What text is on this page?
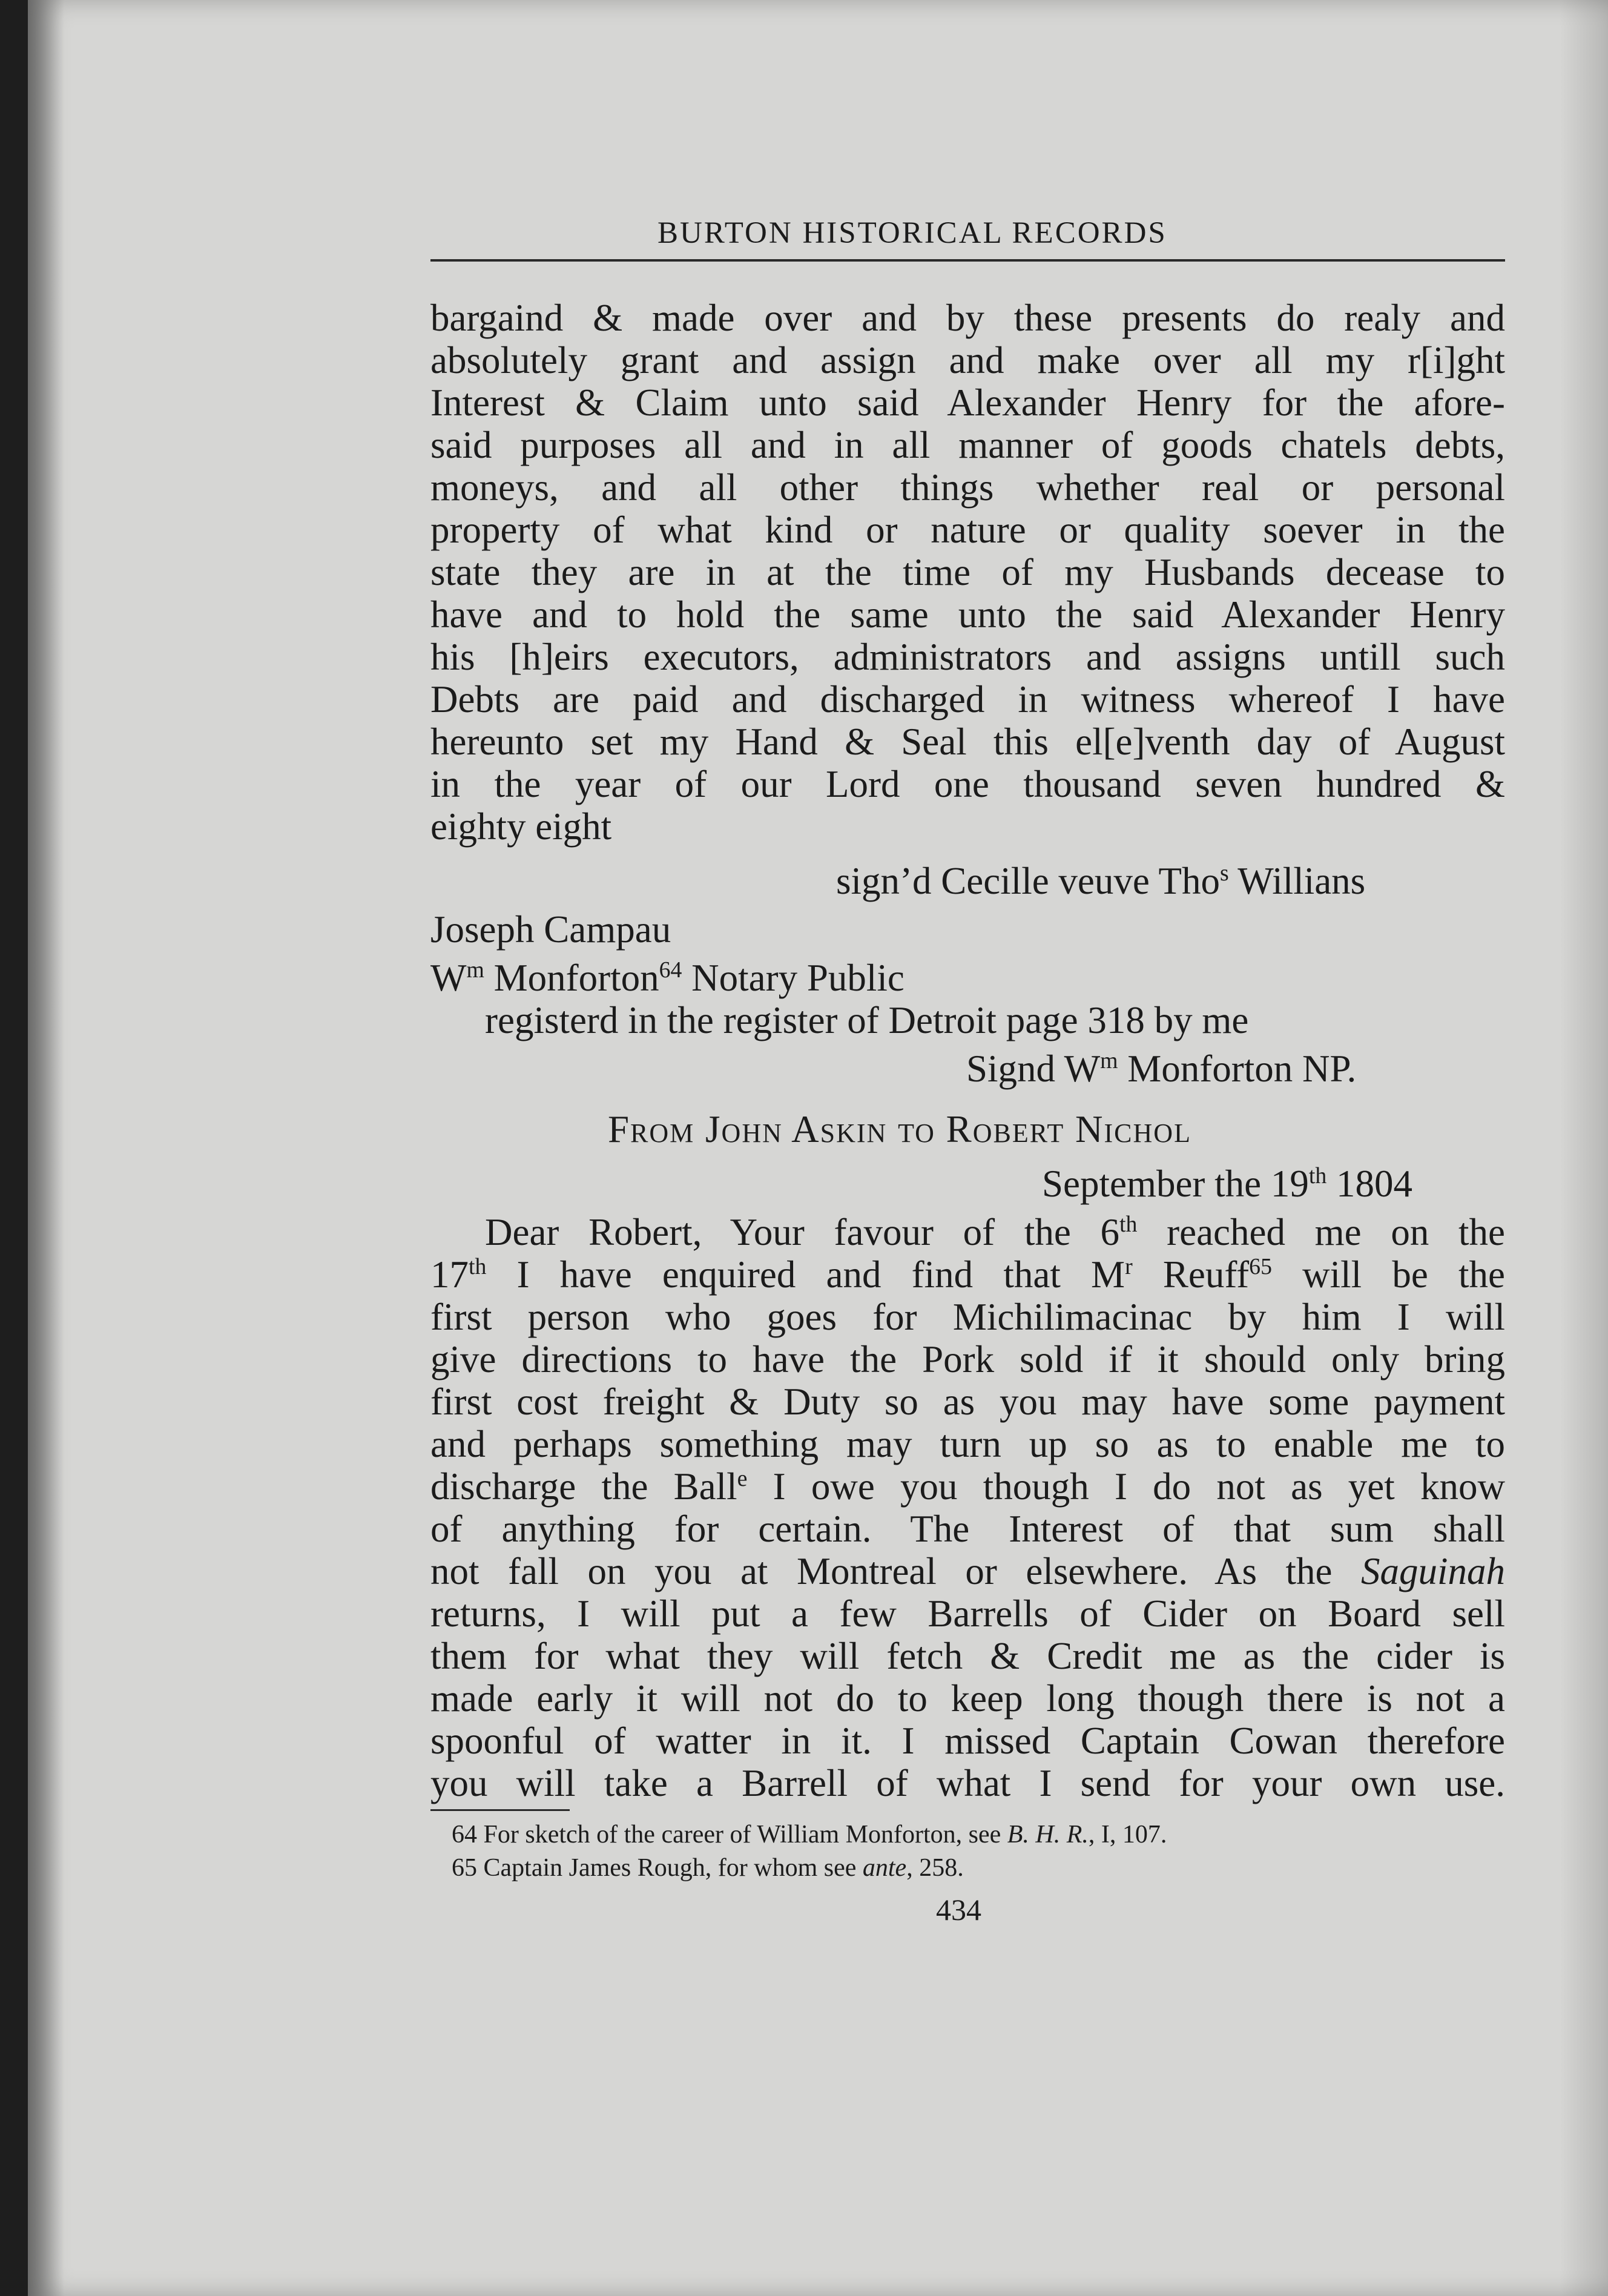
BURTON HISTORICAL RECORDS
bargaind & made over and by these presents do realy and
absolutely grant and assign and make over all my r[i]ght
Interest & Claim unto said Alexander Henry for the afore-
said purposes all and in all manner of goods chatels debts,
moneys, and all other things whether real or personal
property of what kind or nature or quality soever in the
state they are in at the time of my Husbands decease to
have and to hold the same unto the said Alexander Henry
his [h]eirs executors, administrators and assigns untill such
Debts are paid and discharged in witness whereof I have
hereunto set my Hand & Seal this el[e]venth day of August
in the year of our Lord one thousand seven hundred &
eighty eight
sign’d Cecille veuve Tho$^s$ Willians
Joseph Campau
$W^m$ Monforton$^{64}$ Notary Public
registerd in the register of Detroit page 318 by me
Signd $W^m$ Monforton NP.
From John Askin to Robert Nichol
September the 19th 1804
Dear Robert, Your favour of the 6th reached me on the
17th I have enquired and find that $M^r$ Reuff$^{65}$ will be the
first person who goes for Michilimacinac by him I will
give directions to have the Pork sold if it should only bring
first cost freight & Duty so as you may have some payment
and perhaps something may turn up so as to enable me to
discharge the Ball$^e$ I owe you though I do not as yet know
of anything for certain. The Interest of that sum shall
not fall on you at Montreal or elsewhere. As the Saguinah
returns, I will put a few Barrells of Cider on Board sell
them for what they will fetch & Credit me as the cider is
made early it will not do to keep long though there is not a
spoonful of watter in it. I missed Captain Cowan therefore
you will take a Barrell of what I send for your own use.
64 For sketch of the career of William Monforton, see B. H. R., I, 107.
65 Captain James Rough, for whom see ante, 258.
434
